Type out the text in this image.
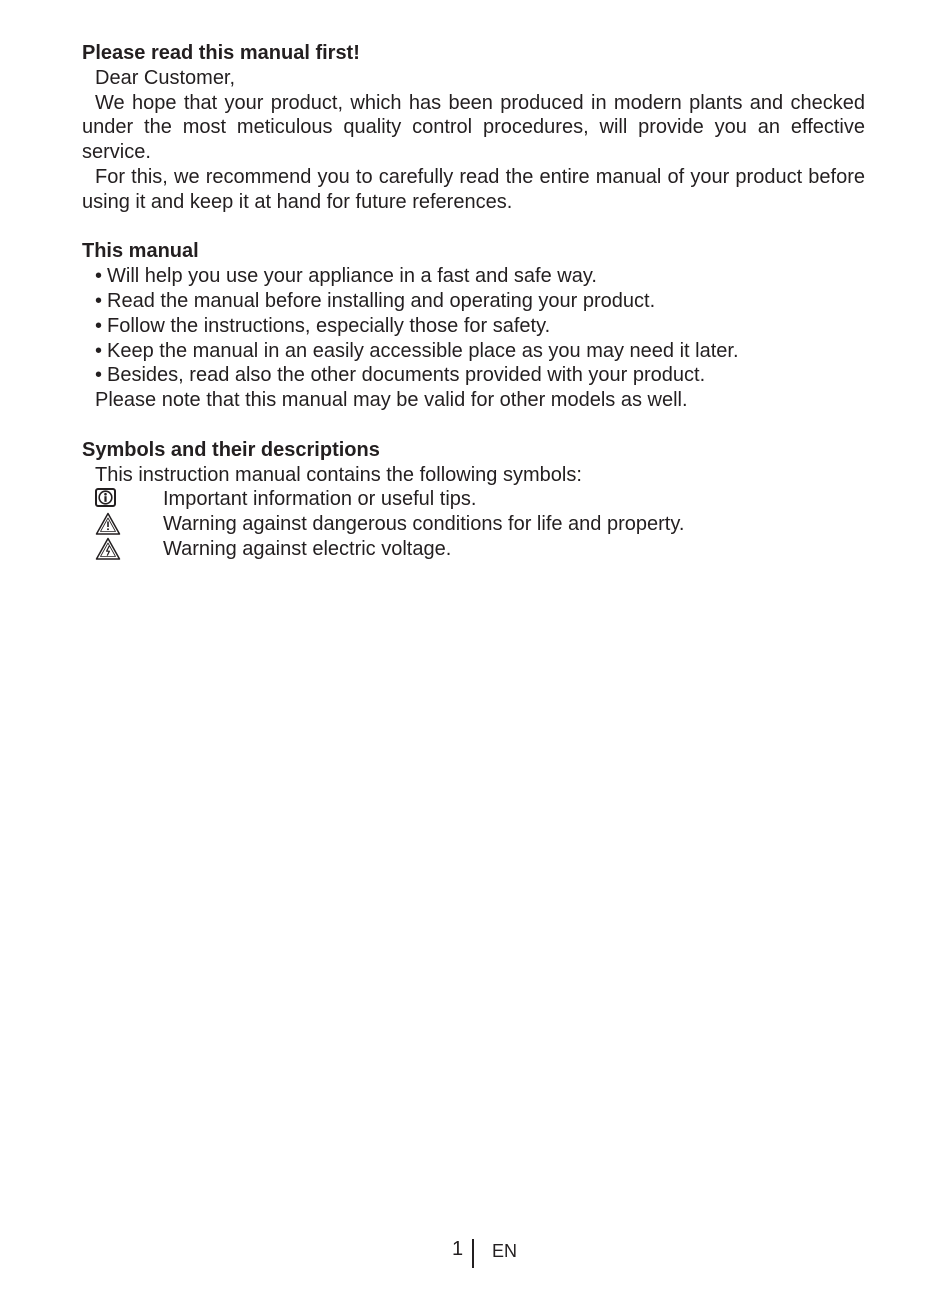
Please read this manual first!

Dear Customer,

We hope that your product, which has been produced in modern plants and checked under the most meticulous quality control procedures, will provide you an effective service.

For this, we recommend you to carefully read the entire manual of your product before using it and keep it at hand for future references.

This manual

• Will help you use your appliance in a fast and safe way.
• Read the manual before installing and operating your product.
• Follow the instructions, especially those for safety.
• Keep the manual in an easily accessible place as you may need it later.
• Besides, read also the other documents provided with your product.

Please note that this manual may be valid for other models as well.

Symbols and their descriptions

This instruction manual contains the following symbols:

Important information or useful tips.
Warning against dangerous conditions for life and property.
Warning against electric voltage.
1 EN
